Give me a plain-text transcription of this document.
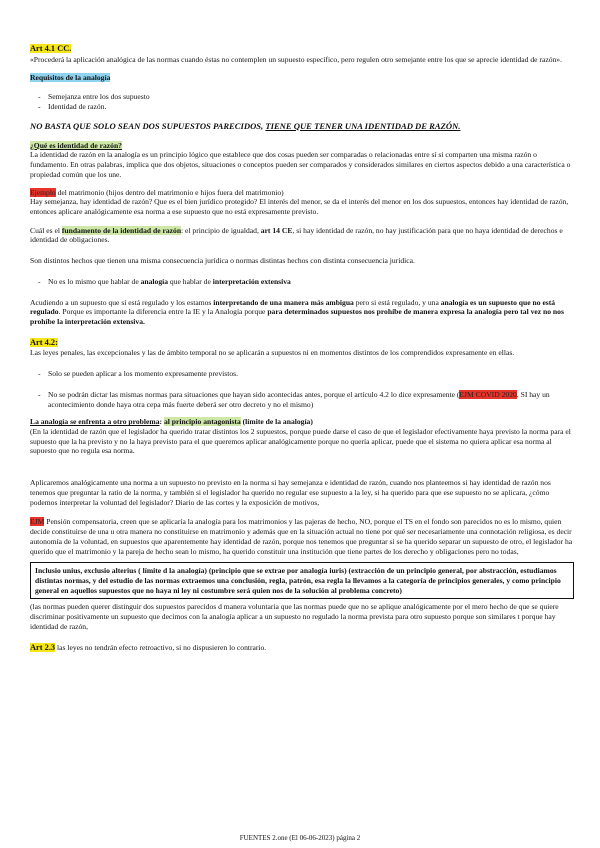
Art 4.1 CC.

«Procederá la aplicación analógica de las normas cuando éstas no contemplen un supuesto específico, pero regulen otro semejante entre los que se aprecie identidad de razón».

Requisitos de la analogía

- Semejanza entre los dos supuesto
- Identidad de razón.

NO BASTA QUE SOLO SEAN DOS SUPUESTOS PARECIDOS, TIENE QUE TENER UNA IDENTIDAD DE RAZÓN.

¿Qué es identidad de razón?

La identidad de razón en la analogía es un principio lógico que establece que dos cosas pueden ser comparadas o relacionadas entre sí si comparten una misma razón o fundamento. En otras palabras, implica que dos objetos, situaciones o conceptos pueden ser comparados y considerados similares en ciertos aspectos debido a una característica o propiedad común que los une.

Ejemplo del matrimonio (hijos dentro del matrimonio e hijos fuera del matrimonio)

Hay semejanza, hay identidad de razón? Que es el bien jurídico protegido? El interés del menor, se da el interés del menor en los dos supuestos, entonces hay identidad de razón, entonces aplicare analógicamente esa norma a ese supuesto que no está expresamente previsto.

Cuál es el fundamento de la identidad de razón: el principio de igualdad, art 14 CE, si hay identidad de razón, no hay justificación para que no haya identidad de derechos e identidad de obligaciones.

Son distintos hechos que tienen una misma consecuencia jurídica o normas distintas hechos con distinta consecuencia jurídica.

- No es lo mismo que hablar de analogía que hablar de interpretación extensiva

Acudiendo a un supuesto que sí está regulado y los estamos interpretando de una manera más ambigua pero si está regulado, y una analogía es un supuesto que no está regulado. Porque es importante la diferencia entre la IE y la Analogía porque para determinados supuestos nos prohíbe de manera expresa la analogía pero tal vez no nos prohíbe la interpretación extensiva.

Art 4.2:

Las leyes penales, las excepcionales y las de ámbito temporal no se aplicarán a supuestos ni en momentos distintos de los comprendidos expresamente en ellas.

- Solo se pueden aplicar a los momento expresamente previstos.
- No se podrán dictar las mismas normas para situaciones que hayan sido acontecidas antes, porque el artículo 4.2 lo dice expresamente (EJM COVID 2020. SI hay un acontecimiento donde haya otra cepa más fuerte deberá ser otro decreto y no el mismo)

La analogía se enfrenta a otro problema: al principio antagonista (límite de la analogía)

(En la identidad de razón que el legislador ha querido tratar distintos los 2 supuestos, porque puede darse el caso de que el legislador efectivamente haya previsto la norma para el supuesto que la ha previsto y no la haya previsto para el que queremos aplicar analógicamente porque no quería aplicar, puede que el sistema no quiera aplicar esa norma al supuesto que no regula esa norma.

Aplicaremos analógicamente una norma a un supuesto no previsto en la norma si hay semejanza e identidad de razón, cuando nos planteemos si hay identidad de razón nos tenemos que preguntar la ratio de la norma, y también si el legislador ha querido no regular ese supuesto a la ley, si ha querido para que ese supuesto no se aplicara, ¿cómo podemos interpretar la voluntad del legislador? Diario de las cortes y la exposición de motivos,

EJM Pensión compensatoria, creen que se aplicaría la analogía para los matrimonios y las pajeras de hecho, NO, porque el TS en el fondo son parecidos no es lo mismo, quien decide constituirse de una u otra manera no constituirse en matrimonio y además que en la situación actual no tiene por qué ser necesariamente una connotación religiosa, es decir autonomía de la voluntad, en supuestos que aparentemente hay identidad de razón, porque nos tenemos que preguntar si se ha querido separar un supuesto de otro, el legislador ha querido que el matrimonio y la pareja de hecho sean lo mismo, ha querido constituir una institución que tiene partes de los derecho y obligaciones pero no todas,

Inclusio unius, exclusio alterius ( límite d la analogía) (principio que se extrae por analogía iuris) (extracción de un principio general, por abstracción, estudiamos distintas normas, y del estudio de las normas extraemos una conclusión, regla, patrón, esa regla la llevamos a la categoría de principios generales, y como principio general en aquellos supuestos que no haya ni ley ni costumbre será quien nos de la solución al problema concreto)

(las normas pueden querer distinguir dos supuestos parecidos d manera voluntaria que las normas puede que no se aplique analógicamente por el mero hecho de que se quiere discriminar positivamente un supuesto que decimos con la analogía aplicar a un supuesto no regulado la norma prevista para otro supuesto porque son similares t porque hay identidad de razón,

Art 2.3 las leyes no tendrán efecto retroactivo, si no dispusieren lo contrario.

FUENTES 2.one (El 06-06-2023) página 2
